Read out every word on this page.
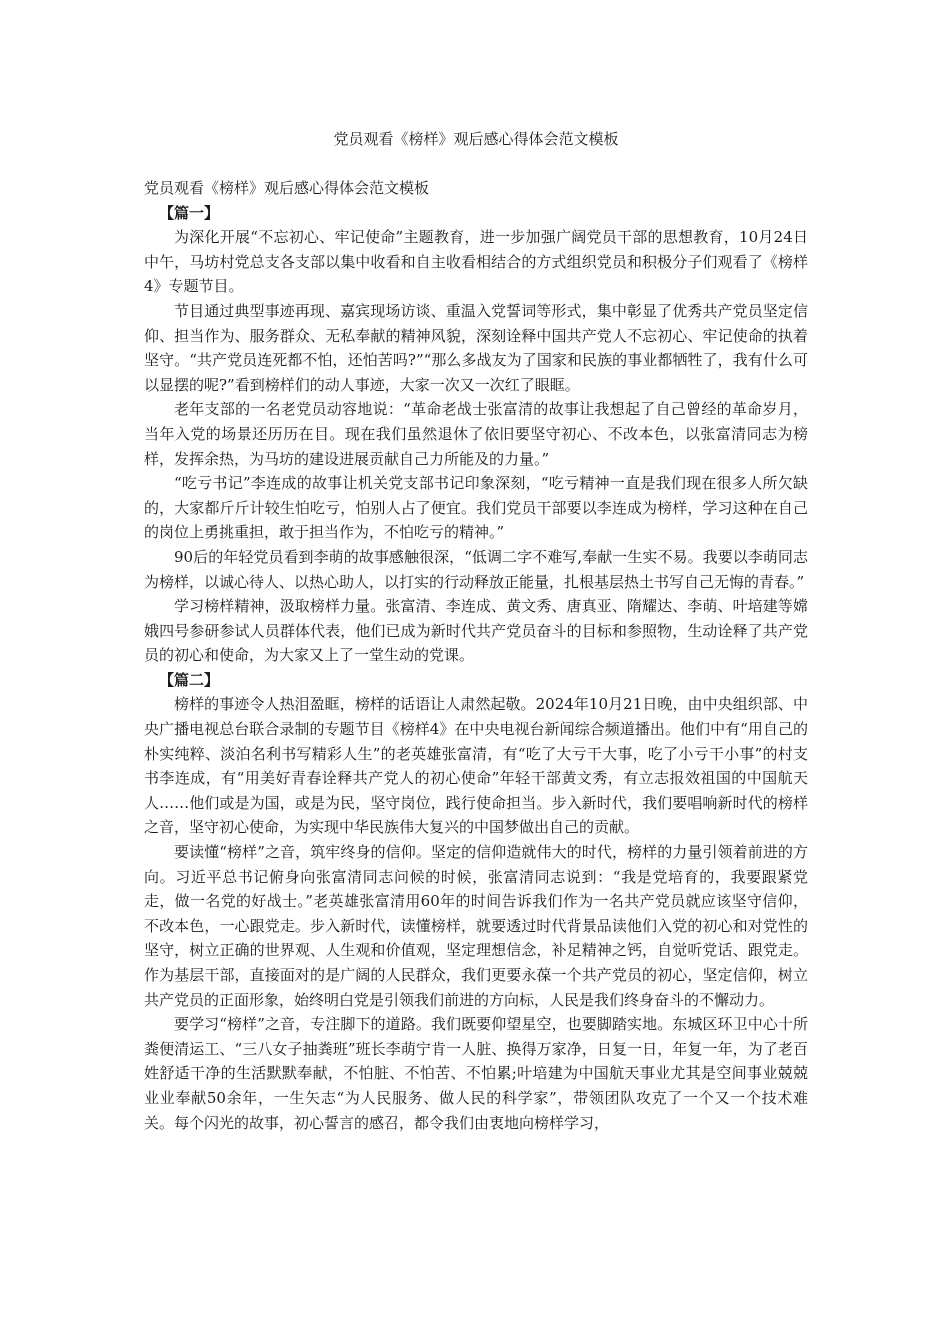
党员观看《榜样》观后感心得体会范文模板

党员观看《榜样》观后感心得体会范文模板

【篇一】

为深化开展“不忘初心、牢记使命”主题教育，进一步加强广阔党员干部的思想教育，10月24日中午，马坊村党总支各支部以集中收看和自主收看相结合的方式组织党员和积极分子们观看了《榜样4》专题节目。

节目通过典型事迹再现、嘉宾现场访谈、重温入党誓词等形式，集中彰显了优秀共产党员坚定信仰、担当作为、服务群众、无私奉献的精神风貌，深刻诠释中国共产党人不忘初心、牢记使命的执着坚守。“共产党员连死都不怕，还怕苦吗?”“那么多战友为了国家和民族的事业都牺牲了，我有什么可以显摆的呢?”看到榜样们的动人事迹，大家一次又一次红了眼眶。

老年支部的一名老党员动容地说：“革命老战士张富清的故事让我想起了自己曾经的革命岁月，当年入党的场景还历历在目。现在我们虽然退休了依旧要坚守初心、不改本色，以张富清同志为榜样，发挥余热，为马坊的建设进展贡献自己力所能及的力量。”

“吃亏书记”李连成的故事让机关党支部书记印象深刻，“吃亏精神一直是我们现在很多人所欠缺的，大家都斤斤计较生怕吃亏，怕别人占了便宜。我们党员干部要以李连成为榜样，学习这种在自己的岗位上勇挑重担，敢于担当作为，不怕吃亏的精神。”

90后的年轻党员看到李萌的故事感触很深，“低调二字不难写,奉献一生实不易。我要以李萌同志为榜样，以诚心待人、以热心助人，以打实的行动释放正能量，扎根基层热土书写自己无悔的青春。”

学习榜样精神，汲取榜样力量。张富清、李连成、黄文秀、唐真亚、隋耀达、李萌、叶培建等嫦娥四号参研参试人员群体代表，他们已成为新时代共产党员奋斗的目标和参照物，生动诠释了共产党员的初心和使命，为大家又上了一堂生动的党课。

【篇二】

榜样的事迹令人热泪盈眶，榜样的话语让人肃然起敬。2024年10月21日晚，由中央组织部、中央广播电视总台联合录制的专题节目《榜样4》在中央电视台新闻综合频道播出。他们中有“用自己的朴实纯粹、淡泊名利书写精彩人生”的老英雄张富清，有“吃了大亏干大事，吃了小亏干小事”的村支书李连成，有“用美好青春诠释共产党人的初心使命”年轻干部黄文秀，有立志报效祖国的中国航天人……他们或是为国，或是为民，坚守岗位，践行使命担当。步入新时代，我们要唱响新时代的榜样之音，坚守初心使命，为实现中华民族伟大复兴的中国梦做出自己的贡献。

要读懂“榜样”之音，筑牢终身的信仰。坚定的信仰造就伟大的时代，榜样的力量引领着前进的方向。习近平总书记俯身向张富清同志问候的时候，张富清同志说到：“我是党培育的，我要跟紧党走，做一名党的好战士。”老英雄张富清用60年的时间告诉我们作为一名共产党员就应该坚守信仰，不改本色，一心跟党走。步入新时代，读懂榜样，就要透过时代背景品读他们入党的初心和对党性的坚守，树立正确的世界观、人生观和价值观，坚定理想信念，补足精神之钙，自觉听党话、跟党走。作为基层干部，直接面对的是广阔的人民群众，我们更要永葆一个共产党员的初心，坚定信仰，树立共产党员的正面形象，始终明白党是引领我们前进的方向标，人民是我们终身奋斗的不懈动力。

要学习“榜样”之音，专注脚下的道路。我们既要仰望星空，也要脚踏实地。东城区环卫中心十所粪便清运工、“三八女子抽粪班”班长李萌宁肯一人脏、换得万家净，日复一日，年复一年，为了老百姓舒适干净的生活默默奉献，不怕脏、不怕苦、不怕累;叶培建为中国航天事业尤其是空间事业兢兢业业奉献50余年，一生矢志“为人民服务、做人民的科学家”，带领团队攻克了一个又一个技术难关。每个闪光的故事，初心誓言的感召，都令我们由衷地向榜样学习，
